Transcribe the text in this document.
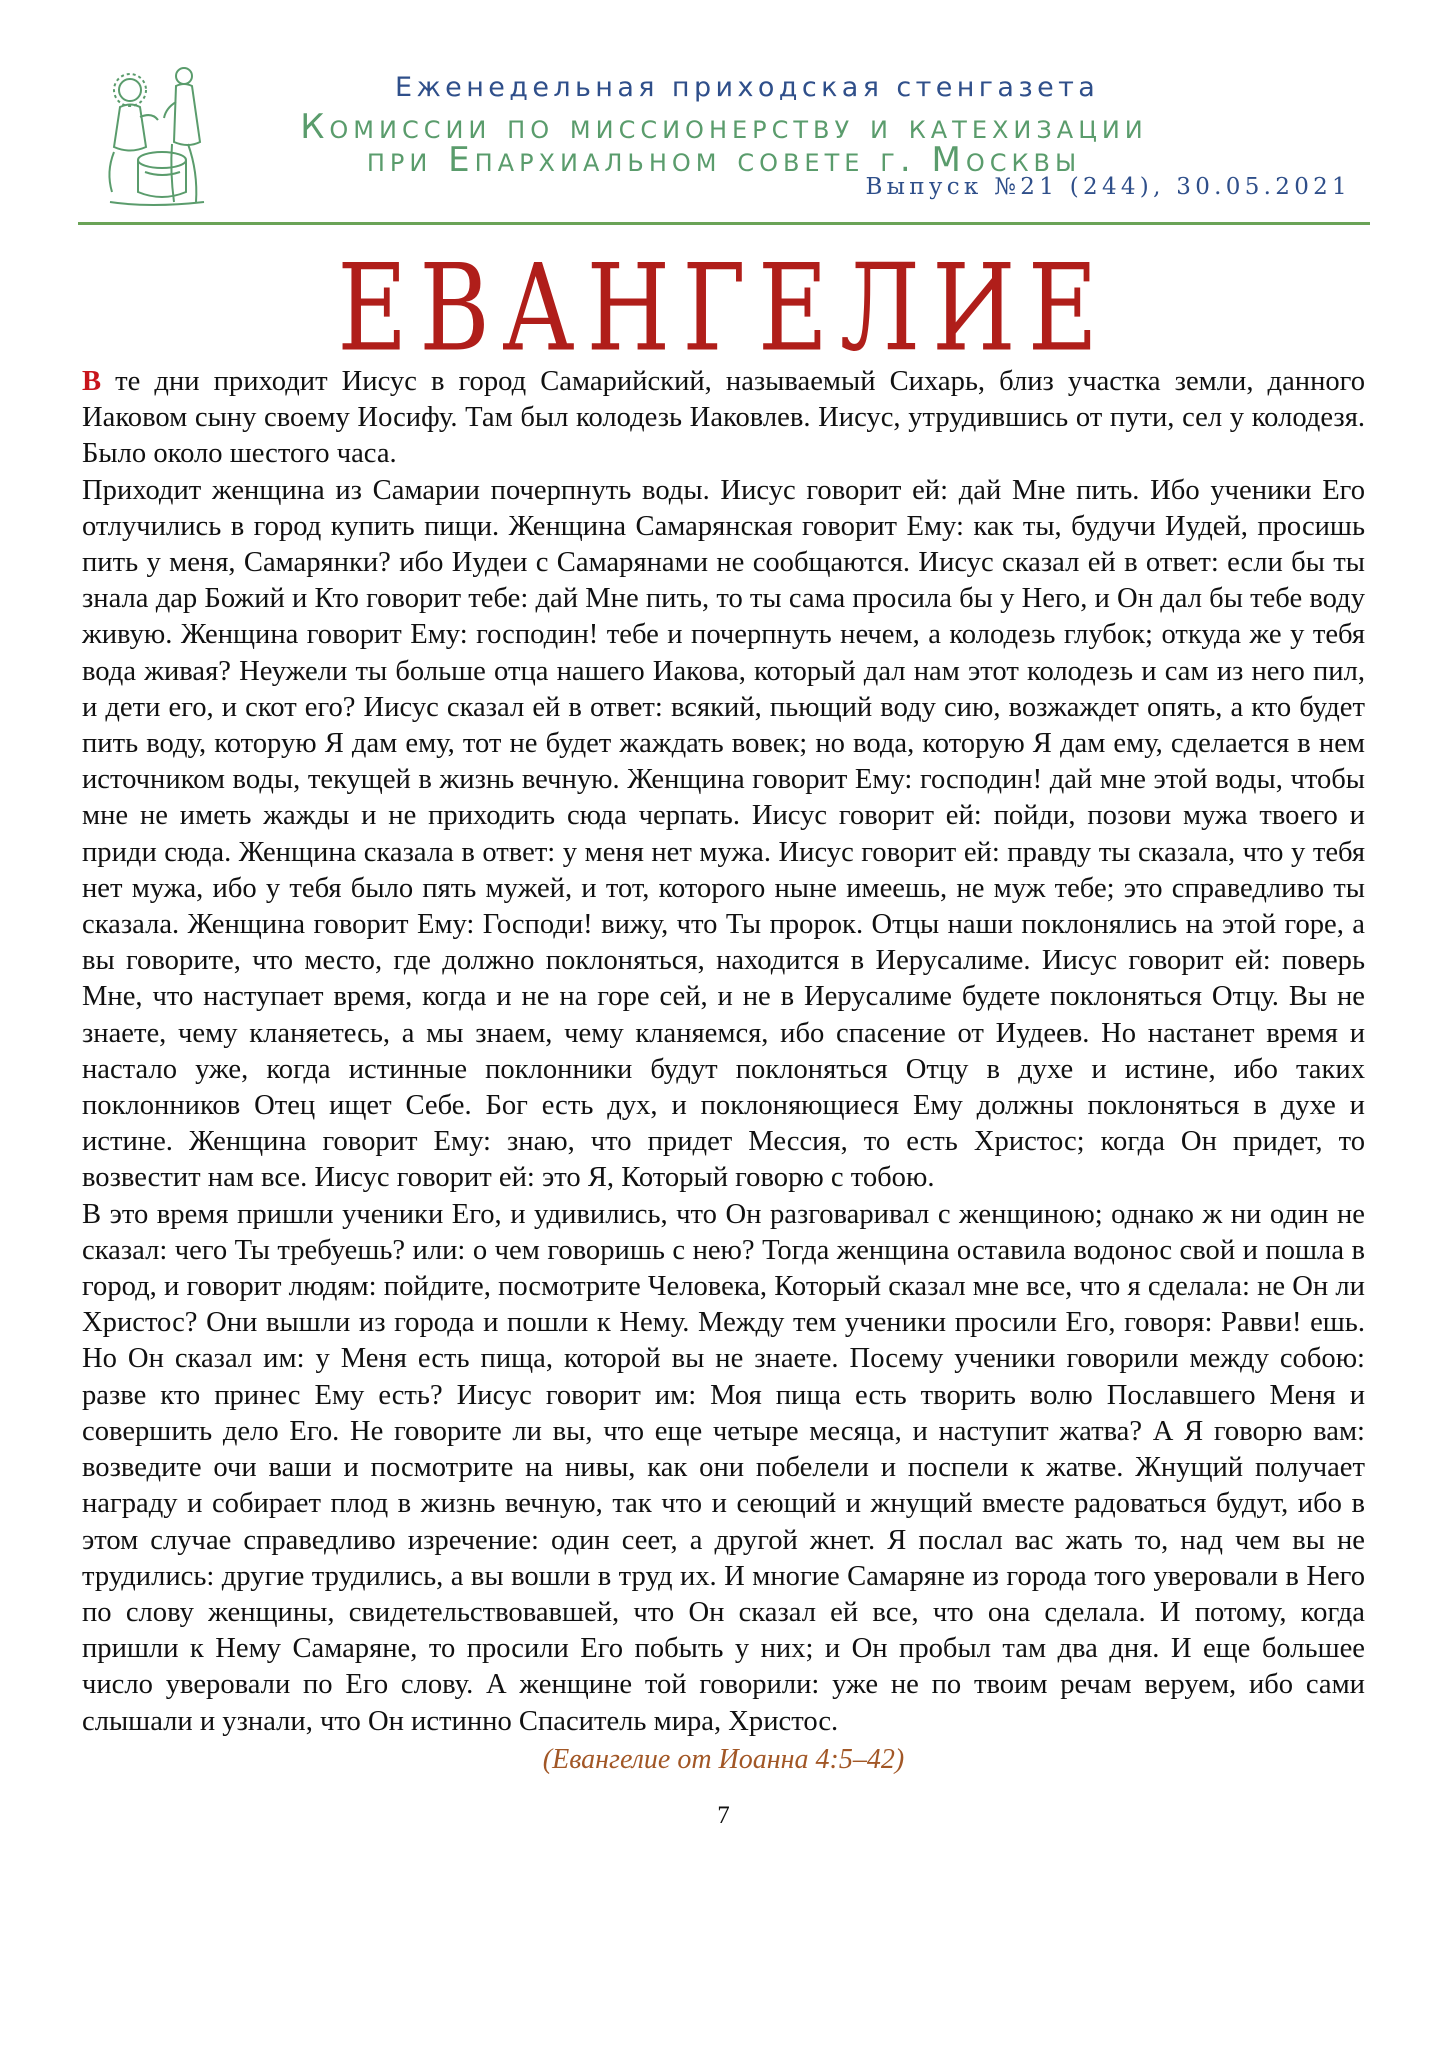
Еженедельная приходская стенгазета
Комиссии по миссионерству и катехизации
при Епархиальном совете г. Москвы
Выпуск №21 (244), 30.05.2021
ЕВАНГЕЛИЕ

В те дни приходит Иисус в город Самарийский, называемый Сихарь, близ участка земли, данного Иаковом сыну своему Иосифу. Там был колодезь Иаковлев. Иисус, утрудившись от пути, сел у колодезя. Было около шестого часа.

Приходит женщина из Самарии почерпнуть воды. Иисус говорит ей: дай Мне пить. Ибо ученики Его отлучились в город купить пищи. Женщина Самарянская говорит Ему: как ты, будучи Иудей, просишь пить у меня, Самарянки? ибо Иудеи с Самарянами не сообщаются. Иисус сказал ей в ответ: если бы ты знала дар Божий и Кто говорит тебе: дай Мне пить, то ты сама просила бы у Него, и Он дал бы тебе воду живую. Женщина говорит Ему: господин! тебе и почерпнуть нечем, а колодезь глубок; откуда же у тебя вода живая? Неужели ты больше отца нашего Иакова, который дал нам этот колодезь и сам из него пил, и дети его, и скот его? Иисус сказал ей в ответ: всякий, пьющий воду сию, возжаждет опять, а кто будет пить воду, которую Я дам ему, тот не будет жаждать вовек; но вода, которую Я дам ему, сделается в нем источником воды, текущей в жизнь вечную. Женщина говорит Ему: господин! дай мне этой воды, чтобы мне не иметь жажды и не приходить сюда черпать. Иисус говорит ей: пойди, позови мужа твоего и приди сюда. Женщина сказала в ответ: у меня нет мужа. Иисус говорит ей: правду ты сказала, что у тебя нет мужа, ибо у тебя было пять мужей, и тот, которого ныне имеешь, не муж тебе; это справедливо ты сказала. Женщина говорит Ему: Господи! вижу, что Ты пророк. Отцы наши поклонялись на этой горе, а вы говорите, что место, где должно поклоняться, находится в Иерусалиме. Иисус говорит ей: поверь Мне, что наступает время, когда и не на горе сей, и не в Иерусалиме будете поклоняться Отцу. Вы не знаете, чему кланяетесь, а мы знаем, чему кланяемся, ибо спасение от Иудеев. Но настанет время и настало уже, когда истинные поклонники будут поклоняться Отцу в духе и истине, ибо таких поклонников Отец ищет Себе. Бог есть дух, и поклоняющиеся Ему должны поклоняться в духе и истине. Женщина говорит Ему: знаю, что придет Мессия, то есть Христос; когда Он придет, то возвестит нам все. Иисус говорит ей: это Я, Который говорю с тобою.

В это время пришли ученики Его, и удивились, что Он разговаривал с женщиною; однако ж ни один не сказал: чего Ты требуешь? или: о чем говоришь с нею? Тогда женщина оставила водонос свой и пошла в город, и говорит людям: пойдите, посмотрите Человека, Который сказал мне все, что я сделала: не Он ли Христос? Они вышли из города и пошли к Нему. Между тем ученики просили Его, говоря: Равви! ешь. Но Он сказал им: у Меня есть пища, которой вы не знаете. Посему ученики говорили между собою: разве кто принес Ему есть? Иисус говорит им: Моя пища есть творить волю Пославшего Меня и совершить дело Его. Не говорите ли вы, что еще четыре месяца, и наступит жатва? А Я говорю вам: возведите очи ваши и посмотрите на нивы, как они побелели и поспели к жатве. Жнущий получает награду и собирает плод в жизнь вечную, так что и сеющий и жнущий вместе радоваться будут, ибо в этом случае справедливо изречение: один сеет, а другой жнет. Я послал вас жать то, над чем вы не трудились: другие трудились, а вы вошли в труд их. И многие Самаряне из города того уверовали в Него по слову женщины, свидетельствовавшей, что Он сказал ей все, что она сделала. И потому, когда пришли к Нему Самаряне, то просили Его побыть у них; и Он пробыл там два дня. И еще большее число уверовали по Его слову. А женщине той говорили: уже не по твоим речам веруем, ибо сами слышали и узнали, что Он истинно Спаситель мира, Христос.

(Евангелие от Иоанна 4:5–42)
7
